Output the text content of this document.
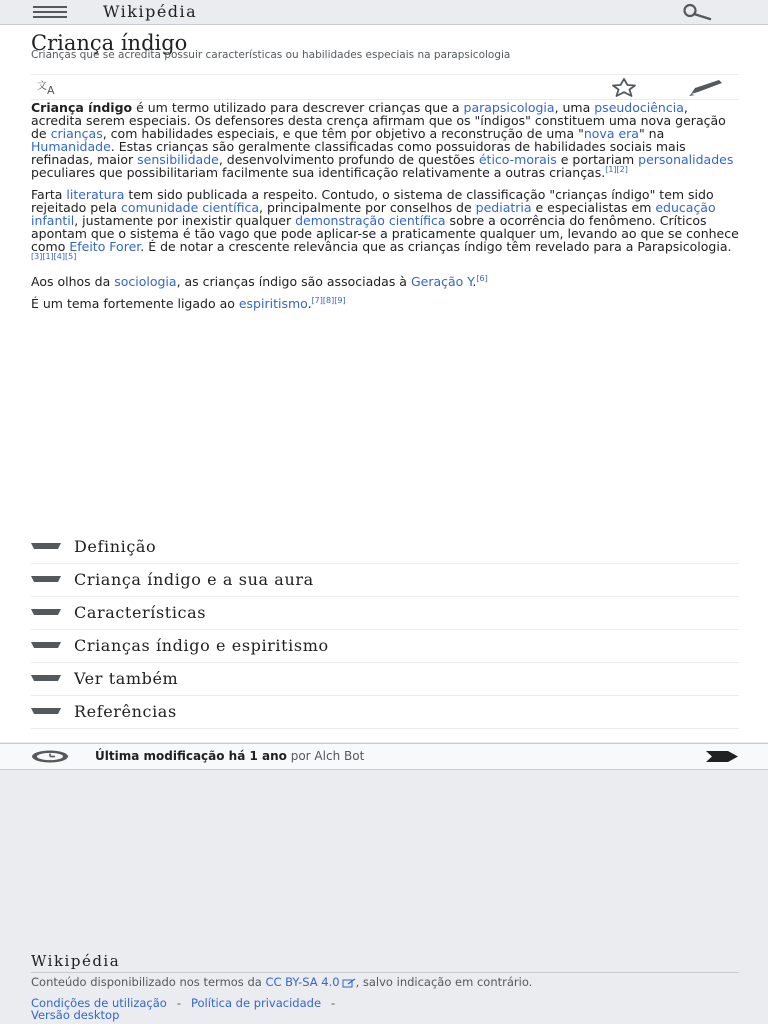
Wikipédia
Criança índigo
Crianças que se acredita possuir características ou habilidades especiais na parapsicologia
文 A

Criança índigo é um termo utilizado para descrever crianças que a parapsicologia, uma pseudociência, acredita serem especiais. Os defensores desta crença afirmam que os "índigos" constituem uma nova geração de crianças, com habilidades especiais, e que têm por objetivo a reconstrução de uma "nova era" na Humanidade. Estas crianças são geralmente classificadas como possuidoras de habilidades sociais mais refinadas, maior sensibilidade, desenvolvimento profundo de questões ético-morais e portariam personalidades peculiares que possibilitariam facilmente sua identificação relativamente a outras crianças.[1][2]

Farta literatura tem sido publicada a respeito. Contudo, o sistema de classificação "crianças índigo" tem sido rejeitado pela comunidade científica, principalmente por conselhos de pediatria e especialistas em educação infantil, justamente por inexistir qualquer demonstração científica sobre a ocorrência do fenômeno. Críticos apontam que o sistema é tão vago que pode aplicar-se a praticamente qualquer um, levando ao que se conhece como Efeito Forer. É de notar a crescente relevância que as crianças índigo têm revelado para a Parapsicologia.[3][1][4][5]

Aos olhos da sociologia, as crianças índigo são associadas à Geração Y.[6]

É um tema fortemente ligado ao espiritismo.[7][8][9]

Definição
Criança índigo e a sua aura
Características
Crianças índigo e espiritismo
Ver também
Referências
Última modificação há 1 ano por Alch Bot
Wikipédia
Conteúdo disponibilizado nos termos da CC BY-SA 4.0 , salvo indicação em contrário.
Condições de utilização - Política de privacidade -
Versão desktop
